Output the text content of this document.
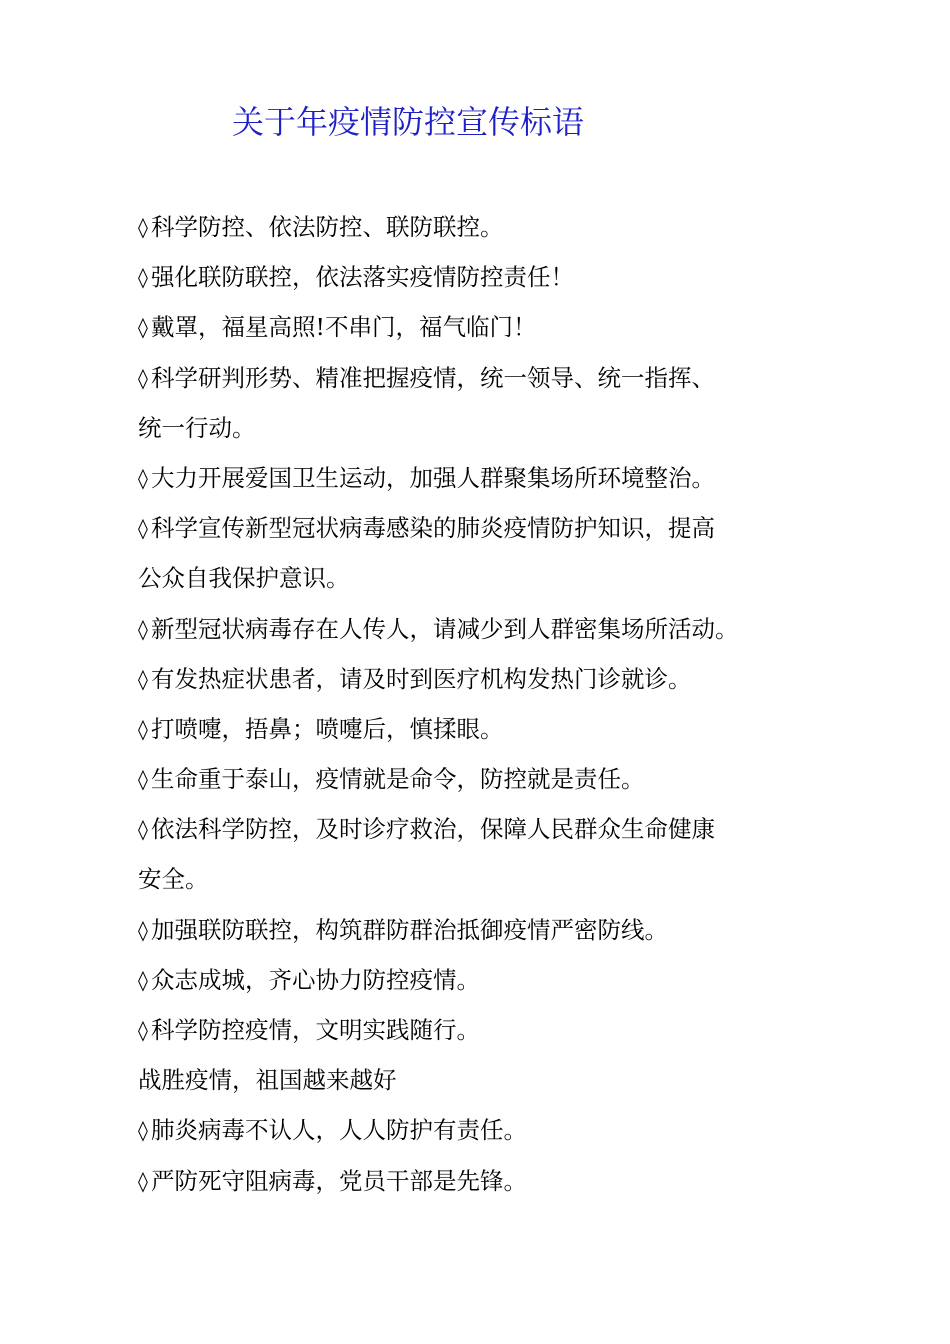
关于年疫情防控宣传标语
◊ 科学防控、依法防控、联防联控。
◊ 强化联防联控，依法落实疫情防控责任！
◊ 戴罩，福星高照!不串门，福气临门！
◊ 科学研判形势、精准把握疫情，统一领导、统一指挥、
统一行动。
◊ 大力开展爱国卫生运动，加强人群聚集场所环境整治。
◊ 科学宣传新型冠状病毒感染的肺炎疫情防护知识，提高
公众自我保护意识。
◊ 新型冠状病毒存在人传人，请减少到人群密集场所活动。
◊ 有发热症状患者，请及时到医疗机构发热门诊就诊。
◊ 打喷嚏，捂鼻；喷嚏后，慎揉眼。
◊ 生命重于泰山，疫情就是命令，防控就是责任。
◊ 依法科学防控，及时诊疗救治，保障人民群众生命健康
安全。
◊ 加强联防联控，构筑群防群治抵御疫情严密防线。
◊ 众志成城，齐心协力防控疫情。
◊ 科学防控疫情，文明实践随行。
战胜疫情，祖国越来越好
◊ 肺炎病毒不认人，人人防护有责任。
◊ 严防死守阻病毒，党员干部是先锋。
